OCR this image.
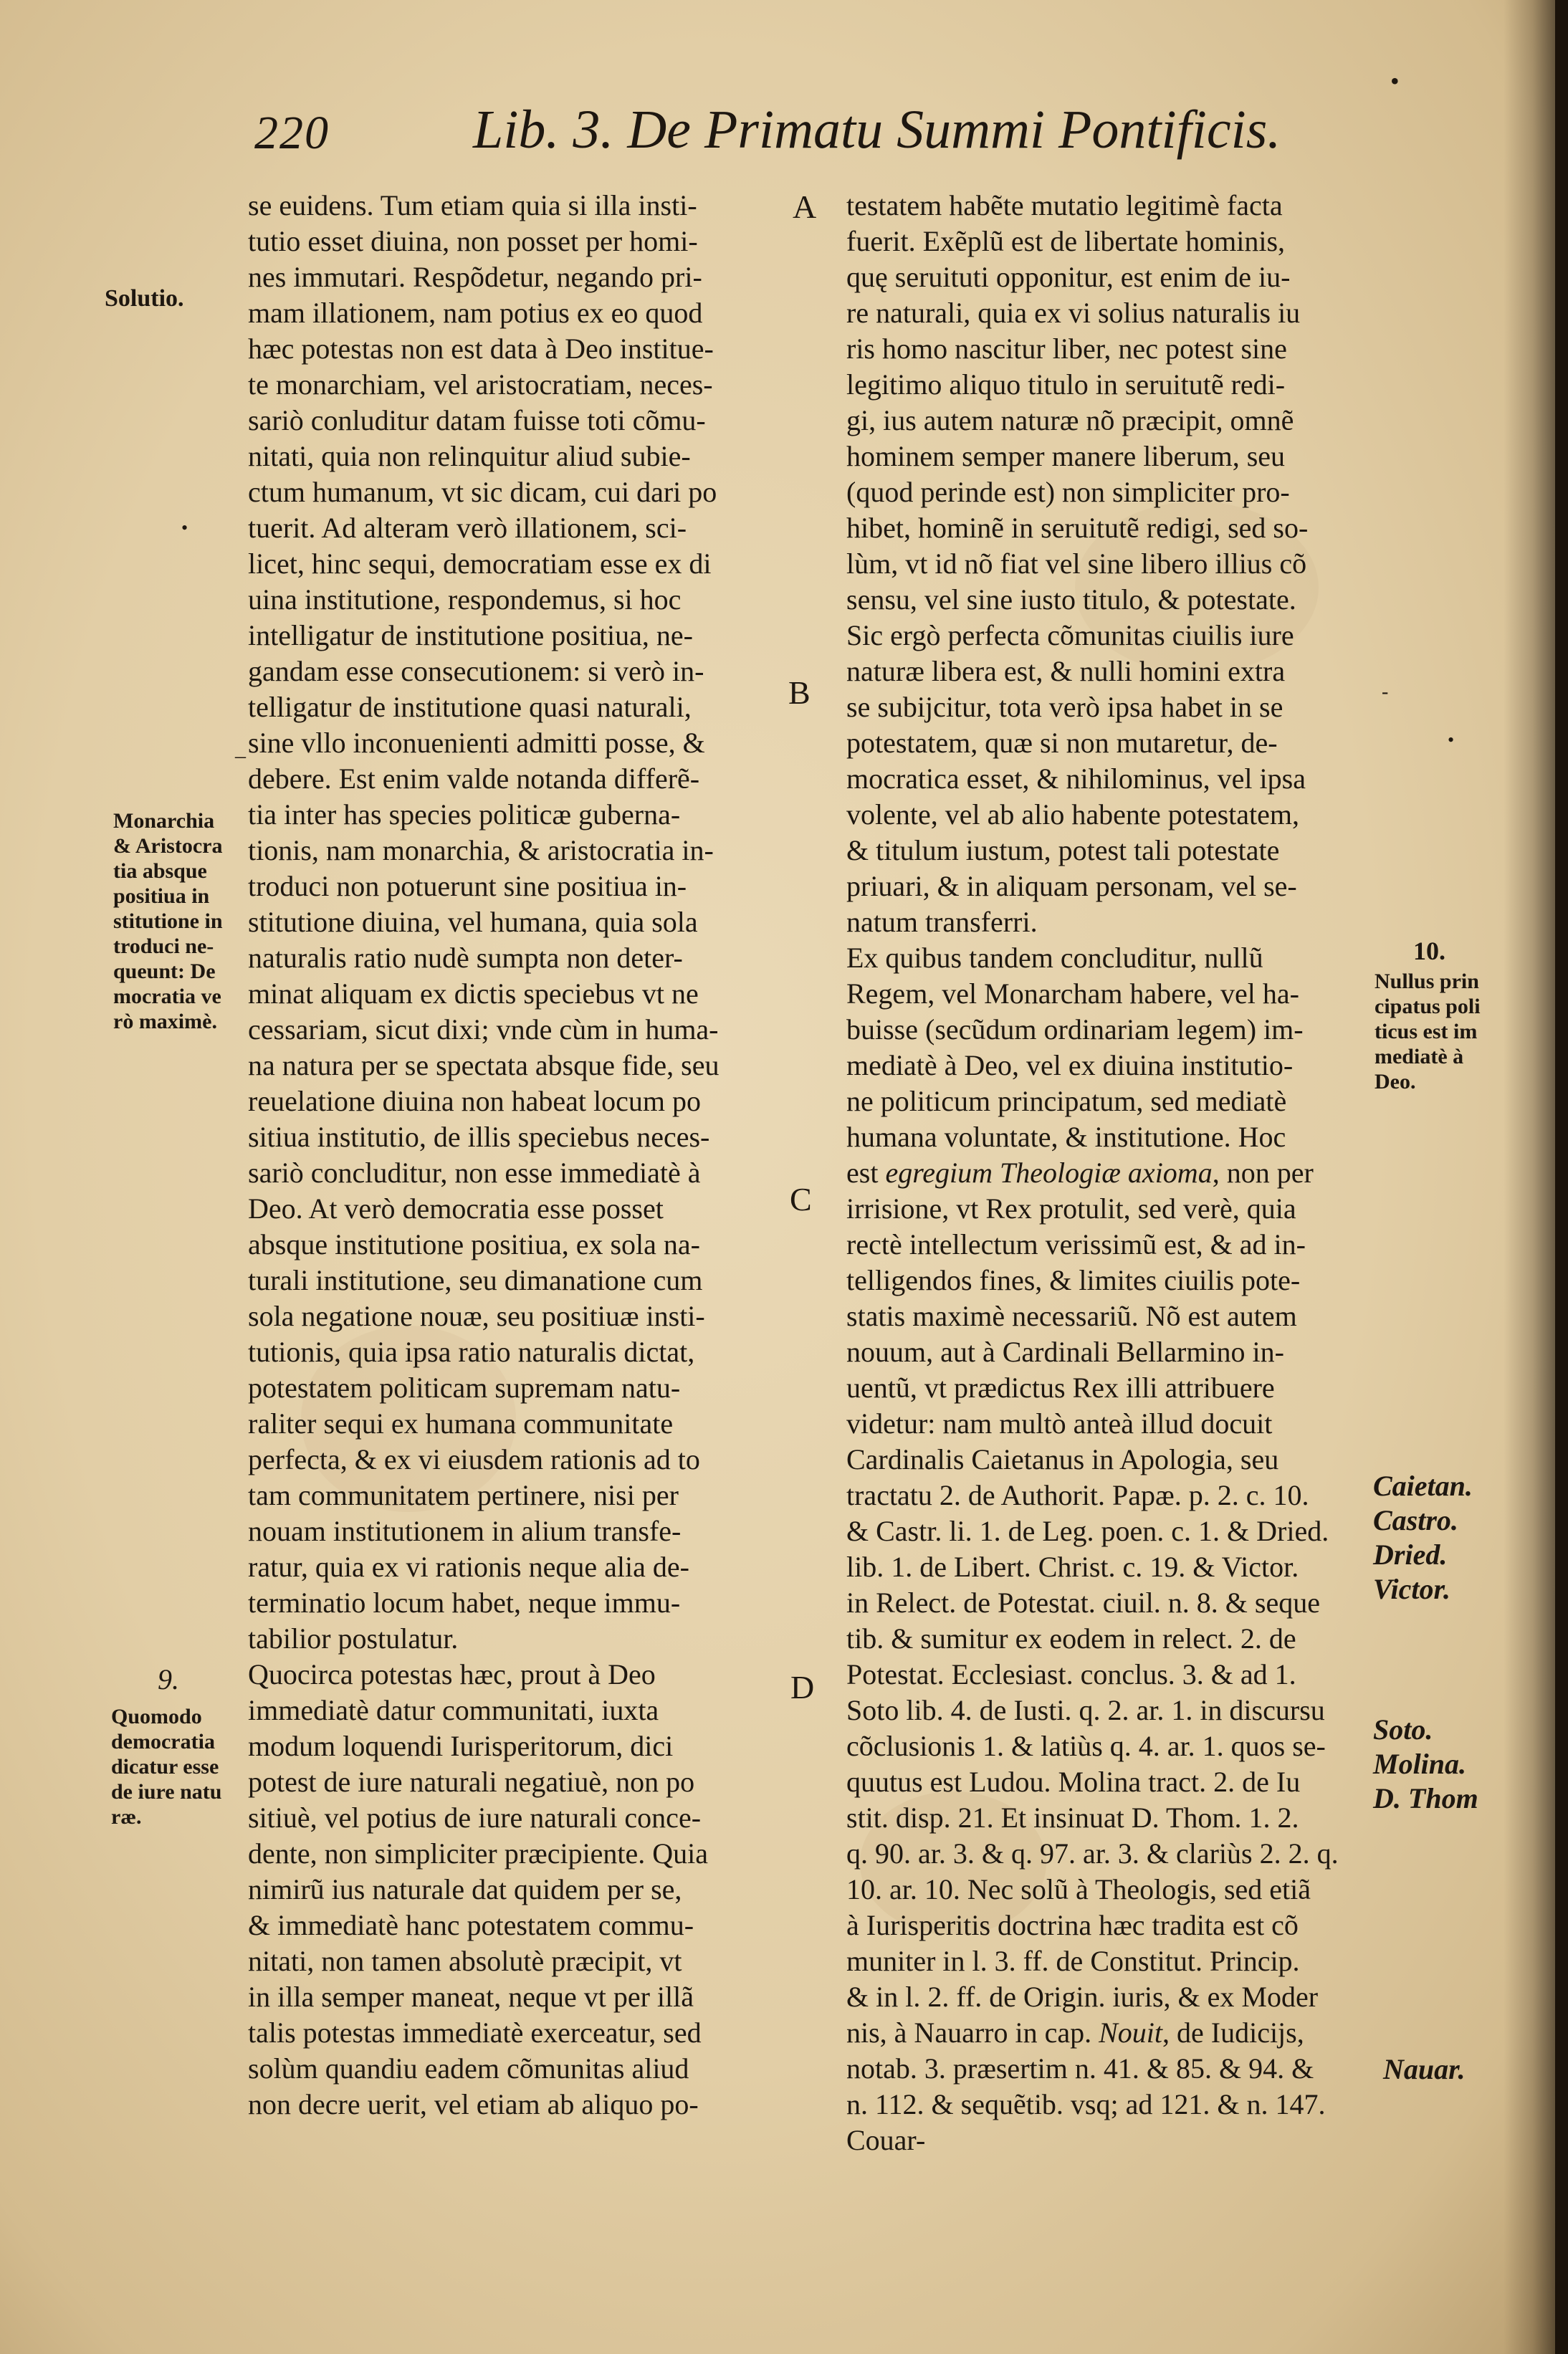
220	Lib. 3. De Primatu Summi Pontificis.
•
se euidens. Tum etiam quia si illa insti-
tutio esset diuina, non posset per homi-
nes immutari. Respõdetur, negando pri-
mam illationem, nam potius ex eo quod
hæc potestas non est data à Deo institue-
te monarchiam, vel aristocratiam, neces-
sariò conluditur datam fuisse toti cõmu-
nitati, quia non relinquitur aliud subie-
ctum humanum, vt sic dicam, cui dari po
tuerit. Ad alteram verò illationem, sci-
licet, hinc sequi, democratiam esse ex di
uina institutione, respondemus, si hoc
intelligatur de institutione positiua, ne-
gandam esse consecutionem: si verò in-
telligatur de institutione quasi naturali,
sine vllo inconuenienti admitti posse, &
debere. Est enim valde notanda differẽ-
tia inter has species politicæ guberna-
tionis, nam monarchia, & aristocratia in-
troduci non potuerunt sine positiua in-
stitutione diuina, vel humana, quia sola
naturalis ratio nudè sumpta non deter-
minat aliquam ex dictis speciebus vt ne
cessariam, sicut dixi; vnde cùm in huma-
na natura per se spectata absque fide, seu
reuelatione diuina non habeat locum po
sitiua institutio, de illis speciebus neces-
sariò concluditur, non esse immediatè à
Deo. At verò democratia esse posset
absque institutione positiua, ex sola na-
turali institutione, seu dimanatione cum
sola negatione nouæ, seu positiuæ insti-
tutionis, quia ipsa ratio naturalis dictat,
potestatem politicam supremam natu-
raliter sequi ex humana communitate
perfecta, & ex vi eiusdem rationis ad to
tam communitatem pertinere, nisi per
nouam institutionem in alium transfe-
ratur, quia ex vi rationis neque alia de-
terminatio locum habet, neque immu-
tabilior postulatur.
Quocirca potestas hæc, prout à Deo
immediatè datur communitati, iuxta
modum loquendi Iurisperitorum, dici
potest de iure naturali negatiuè, non po
sitiuè, vel potius de iure naturali conce-
dente, non simpliciter præcipiente. Quia
nimirũ ius naturale dat quidem per se,
& immediatè hanc potestatem commu-
nitati, non tamen absolutè præcipit, vt
in illa semper maneat, neque vt per illã
talis potestas immediatè exerceatur, sed
solùm quandiu eadem cõmunitas aliud
non decre uerit, vel etiam ab aliquo po-
testatem habẽte mutatio legitimè facta
fuerit. Exẽplũ est de libertate hominis,
quę seruituti opponitur, est enim de iu-
re naturali, quia ex vi solius naturalis iu
ris homo nascitur liber, nec potest sine
legitimo aliquo titulo in seruitutẽ redi-
gi, ius autem naturæ nõ præcipit, omnẽ
hominem semper manere liberum, seu
(quod perinde est) non simpliciter pro-
hibet, hominẽ in seruitutẽ redigi, sed so-
lùm, vt id nõ fiat vel sine libero illius cõ
sensu, vel sine iusto titulo, & potestate.
Sic ergò perfecta cõmunitas ciuilis iure
naturæ libera est, & nulli homini extra
se subijcitur, tota verò ipsa habet in se
potestatem, quæ si non mutaretur, de-
mocratica esset, & nihilominus, vel ipsa
volente, vel ab alio habente potestatem,
& titulum iustum, potest tali potestate
priuari, & in aliquam personam, vel se-
natum transferri.
Ex quibus tandem concluditur, nullũ
Regem, vel Monarcham habere, vel ha-
buisse (secũdum ordinariam legem) im-
mediatè à Deo, vel ex diuina institutio-
ne politicum principatum, sed mediatè
humana voluntate, & institutione. Hoc
est egregium Theologiæ axioma, non per
irrisione, vt Rex protulit, sed verè, quia
rectè intellectum verissimũ est, & ad in-
telligendos fines, & limites ciuilis pote-
statis maximè necessariũ. Nõ est autem
nouum, aut à Cardinali Bellarmino in-
uentũ, vt prædictus Rex illi attribuere
videtur: nam multò anteà illud docuit
Cardinalis Caietanus in Apologia, seu
tractatu 2. de Authorit. Papæ. p. 2. c. 10.
& Castr. li. 1. de Leg. poen. c. 1. & Dried.
lib. 1. de Libert. Christ. c. 19. & Victor.
in Relect. de Potestat. ciuil. n. 8. & seque
tib. & sumitur ex eodem in relect. 2. de
Potestat. Ecclesiast. conclus. 3. & ad 1.
Soto lib. 4. de Iusti. q. 2. ar. 1. in discursu
cõclusionis 1. & latiùs q. 4. ar. 1. quos se-
quutus est Ludou. Molina tract. 2. de Iu
stit. disp. 21. Et insinuat D. Thom. 1. 2.
q. 90. ar. 3. & q. 97. ar. 3. & clariùs 2. 2. q.
10. ar. 10. Nec solũ à Theologis, sed etiã
à Iurisperitis doctrina hæc tradita est cõ
muniter in l. 3. ff. de Constitut. Princip.
& in l. 2. ff. de Origin. iuris, & ex Moder
nis, à Nauarro in cap. Nouit, de Iudicijs,
notab. 3. præsertim n. 41. & 85. & 94. &
n. 112. & sequẽtib. vsq; ad 121. & n. 147.
Couar-
A
B
C
D
Solutio.
•
_
Monarchia
& Aristocra
tia absque
positiua in
stitutione in
troduci ne-
queunt: De
mocratia ve
rò maximè.
9.
Quomodo
democratia
dicatur esse
de iure natu
ræ.
-
•
10.
Nullus prin
cipatus poli
ticus est im
mediatè à
Deo.
Caietan.
Castro.
Dried.
Victor.
Soto.
Molina.
D. Thom
Nauar.
